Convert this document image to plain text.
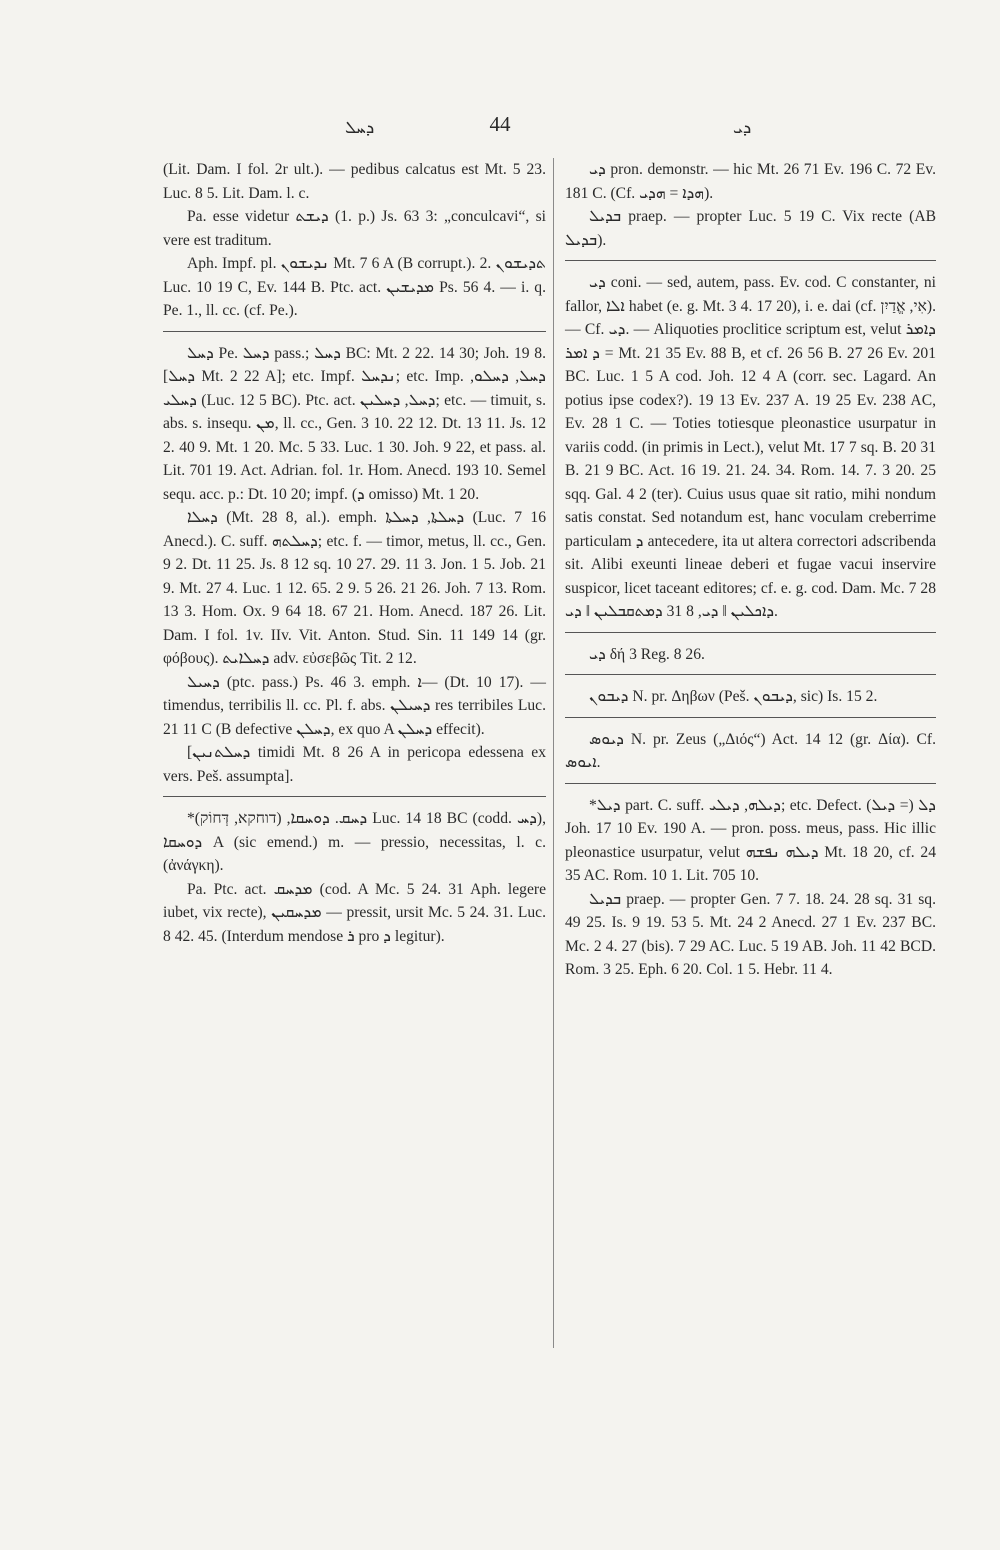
ܕܚܠ	44	ܕܝ

(Lit. Dam. I fol. 2r ult.). — pedibus calcatus est Mt. 5 23. Luc. 8 5. Lit. Dam. l. c.

Pa. esse videtur ܕܝܫܬ (1. p.) Js. 63 3: „conculcavi“, si vere est traditum.

Aph. Impf. pl. ܢܕܝܫܘܢ Mt. 7 6 A (B corrupt.). 2. ܬܕܝܫܘܢ Luc. 10 19 C, Ev. 144 B. Ptc. act. ܡܕܝܫܝܢ Ps. 56 4. — i. q. Pe. 1., ll. cc. (cf. Pe.).

ܕܚܠ Pe. ܕܚܠ pass.; ܕܚܠ BC: Mt. 2 22. 14 30; Joh. 19 8. [ܕܚܠ Mt. 2 22 A]; etc. Impf. ܢܕܚܠ; etc. Imp. ܕܚܠ, ܕܚܠܘ, ܕܚܠܝ (Luc. 12 5 BC). Ptc. act. ܕܚܠ, ܕܚܠܝܢ; etc. — timuit, s. abs. s. insequ. ܡܢ, ll. cc., Gen. 3 10. 22 12. Dt. 13 11. Js. 12 2. 40 9. Mt. 1 20. Mc. 5 33. Luc. 1 30. Joh. 9 22, et pass. al. Lit. 701 19. Act. Adrian. fol. 1r. Hom. Anecd. 193 10. Semel sequ. acc. p.: Dt. 10 20; impf. (ܕ omisso) Mt. 1 20.

ܕܚܠܐ (Mt. 28 8, al.). emph. ܕܚܠܬܐ, ܕܚܠܬܐ (Luc. 7 16 Anecd.). C. suff. ܕܚܠܬܗ; etc. f. — timor, metus, ll. cc., Gen. 9 2. Dt. 11 25. Js. 8 12 sq. 10 27. 29. 11 3. Jon. 1 5. Job. 21 9. Mt. 27 4. Luc. 1 12. 65. 2 9. 5 26. 21 26. Joh. 7 13. Rom. 13 3. Hom. Ox. 9 64 18. 67 21. Hom. Anecd. 187 26. Lit. Dam. I fol. 1v. IIv. Vit. Anton. Stud. Sin. 11 149 14 (gr. φόβους). ܕܚܠܐܝܬ adv. εὐσεβῶς Tit. 2 12.

ܕܚܝܠ (ptc. pass.) Ps. 46 3. emph. ܐ— (Dt. 10 17). — timendus, terribilis ll. cc. Pl. f. abs. ܕܚܝܠܢ res terribiles Luc. 21 11 C (B defective ܕܚܠܢ, ex quo A ܕܚܠܢ effecit).

[ܕܚܠܬܢܝܢ timidi Mt. 8 26 A in pericopa edessena ex vers. Peš. assumpta].

*ܕܚܩ. ܕܘܚܩܐ, (דוחקא, דְּחוֹק) Luc. 14 18 BC (codd. ܕܚ), ܕܘܚܩܐ A (sic emend.) m. — pressio, necessitas, l. c. (ἀνάγκη).

Pa. Ptc. act. ܡܕܚܩ (cod. A Mc. 5 24. 31 Aph. legere iubet, vix recte), ܡܕܚܩܝܢ — pressit, ursit Mc. 5 24. 31. Luc. 8 42. 45. (Interdum mendose ܪ pro ܕ legitur).

ܕܝ pron. demonstr. — hic Mt. 26 71 Ev. 196 C. 72 Ev. 181 C. (Cf. ܗܕܐ = ܗܕܝ).

ܒܕܝܠ praep. — propter Luc. 5 19 C. Vix recte (AB ܒܕܝܠ).

ܕܝ coni. — sed, autem, pass. Ev. cod. C constanter, ni fallor, ܐܠܐ habet (e. g. Mt. 3 4. 17 20), i. e. dai (cf. אִי, אֱדַיִן). — Cf. ܕܝ. — Aliquoties proclitice scriptum est, velut ܕܐܡܪ = ܕ ܐܡܪ Mt. 21 35 Ev. 88 B, et cf. 26 56 B. 27 26 Ev. 201 BC. Luc. 1 5 A cod. Joh. 12 4 A (corr. sec. Lagard. An potius ipse codex?). 19 13 Ev. 237 A. 19 25 Ev. 238 AC, Ev. 28 1 C. — Toties totiesque pleonastice usurpatur in variis codd. (in primis in Lect.), velut Mt. 17 7 sq. B. 20 31 B. 21 9 BC. Act. 16 19. 21. 24. 34. Rom. 14. 7. 3 20. 25 sqq. Gal. 4 2 (ter). Cuius usus quae sit ratio, mihi nondum satis constat. Sed notandum est, hanc voculam creberrime particulam ܕ antecedere, ita ut altera correctori adscribenda sit. Alibi exeunti lineae deberi et fugae vacui inservire suspicor, licet taceant editores; cf. e. g. cod. Dam. Mc. 7 28 ܕܐܟܠܝܢ ‖ ܕܝ, 8 31 ܕܡܬܩܒܠܝܢ ‖ ܕܝ.

ܕܝ δή 3 Reg. 8 26.

ܕܝܒܘܢ N. pr. Δηβων (Peš. ܕܝܒܘܢ, sic) Is. 15 2.

ܕܝܘܣ N. pr. Zeus („Διός“) Act. 14 12 (gr. Δία). Cf. ܐܝܘܣ.

*ܕܝܠ part. C. suff. ܕܝܠܗ, ܕܝܠܝ; etc. Defect. ܕܠ (= ܕܝܠ) Joh. 17 10 Ev. 190 A. — pron. poss. meus, pass. Hic illic pleonastice usurpatur, velut ܕܝܠܗ ܢܦܫܗ Mt. 18 20, cf. 24 35 AC. Rom. 10 1. Lit. 705 10.

ܒܕܝܠ praep. — propter Gen. 7 7. 18. 24. 28 sq. 31 sq. 49 25. Is. 9 19. 53 5. Mt. 24 2 Anecd. 27 1 Ev. 237 BC. Mc. 2 4. 27 (bis). 7 29 AC. Luc. 5 19 AB. Joh. 11 42 BCD. Rom. 3 25. Eph. 6 20. Col. 1 5. Hebr. 11 4.
